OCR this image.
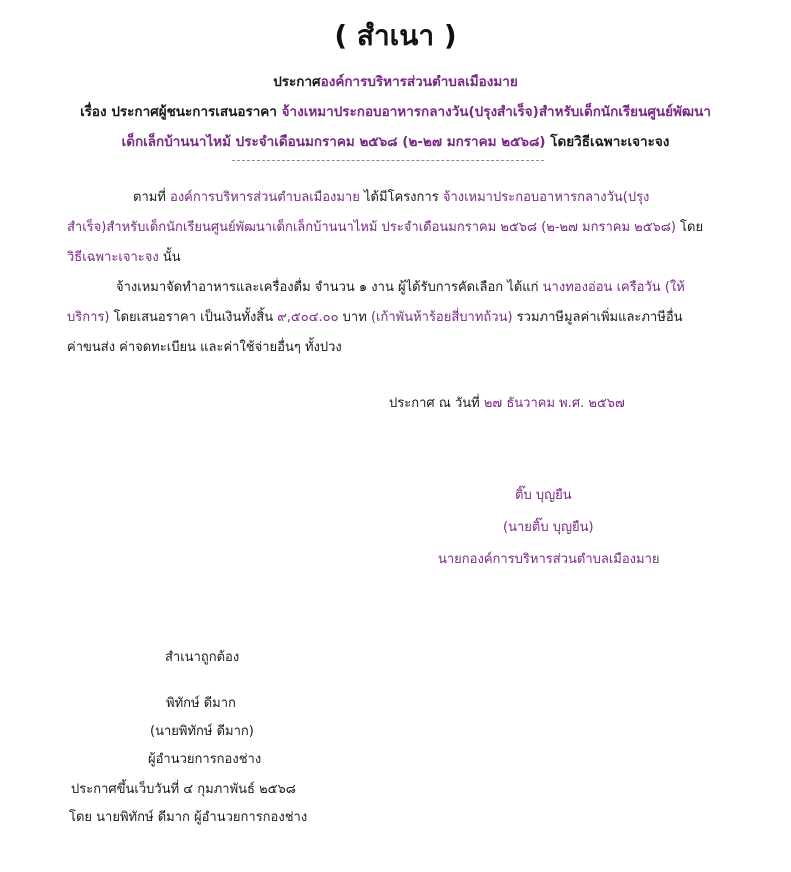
( สำเนา )
ประกาศองค์การบริหารส่วนตำบลเมืองมาย
เรื่อง ประกาศผู้ชนะการเสนอราคา จ้างเหมาประกอบอาหารกลางวัน(ปรุงสำเร็จ)สำหรับเด็กนักเรียนศูนย์พัฒนา
เด็กเล็กบ้านนาไหม้ ประจำเดือนมกราคม ๒๕๖๘ (๒-๒๗ มกราคม ๒๕๖๘) โดยวิธีเฉพาะเจาะจง
ตามที่ องค์การบริหารส่วนตำบลเมืองมาย ได้มีโครงการ จ้างเหมาประกอบอาหารกลางวัน(ปรุง
สำเร็จ)สำหรับเด็กนักเรียนศูนย์พัฒนาเด็กเล็กบ้านนาไหม้ ประจำเดือนมกราคม ๒๕๖๘ (๒-๒๗ มกราคม ๒๕๖๘) โดย
วิธีเฉพาะเจาะจง นั้น
จ้างเหมาจัดทำอาหารและเครื่องดื่ม จำนวน ๑ งาน ผู้ได้รับการคัดเลือก ได้แก่ นางทองอ่อน เครือวัน (ให้
บริการ) โดยเสนอราคา เป็นเงินทั้งสิ้น ๙,๕๐๔.๐๐ บาท (เก้าพันห้าร้อยสี่บาทถ้วน) รวมภาษีมูลค่าเพิ่มและภาษีอื่น
ค่าขนส่ง ค่าจดทะเบียน และค่าใช้จ่ายอื่นๆ ทั้งปวง
ประกาศ ณ วันที่ ๒๗ ธันวาคม พ.ศ. ๒๕๖๗
ติ๊บ บุญยืน
(นายติ๊บ บุญยืน)
นายกองค์การบริหารส่วนตำบลเมืองมาย
สำเนาถูกต้อง
พิทักษ์ ดีมาก
(นายพิทักษ์ ดีมาก)
ผู้อำนวยการกองช่าง
ประกาศขึ้นเว็บวันที่ ๔ กุมภาพันธ์ ๒๕๖๘
โดย นายพิทักษ์ ดีมาก ผู้อำนวยการกองช่าง
